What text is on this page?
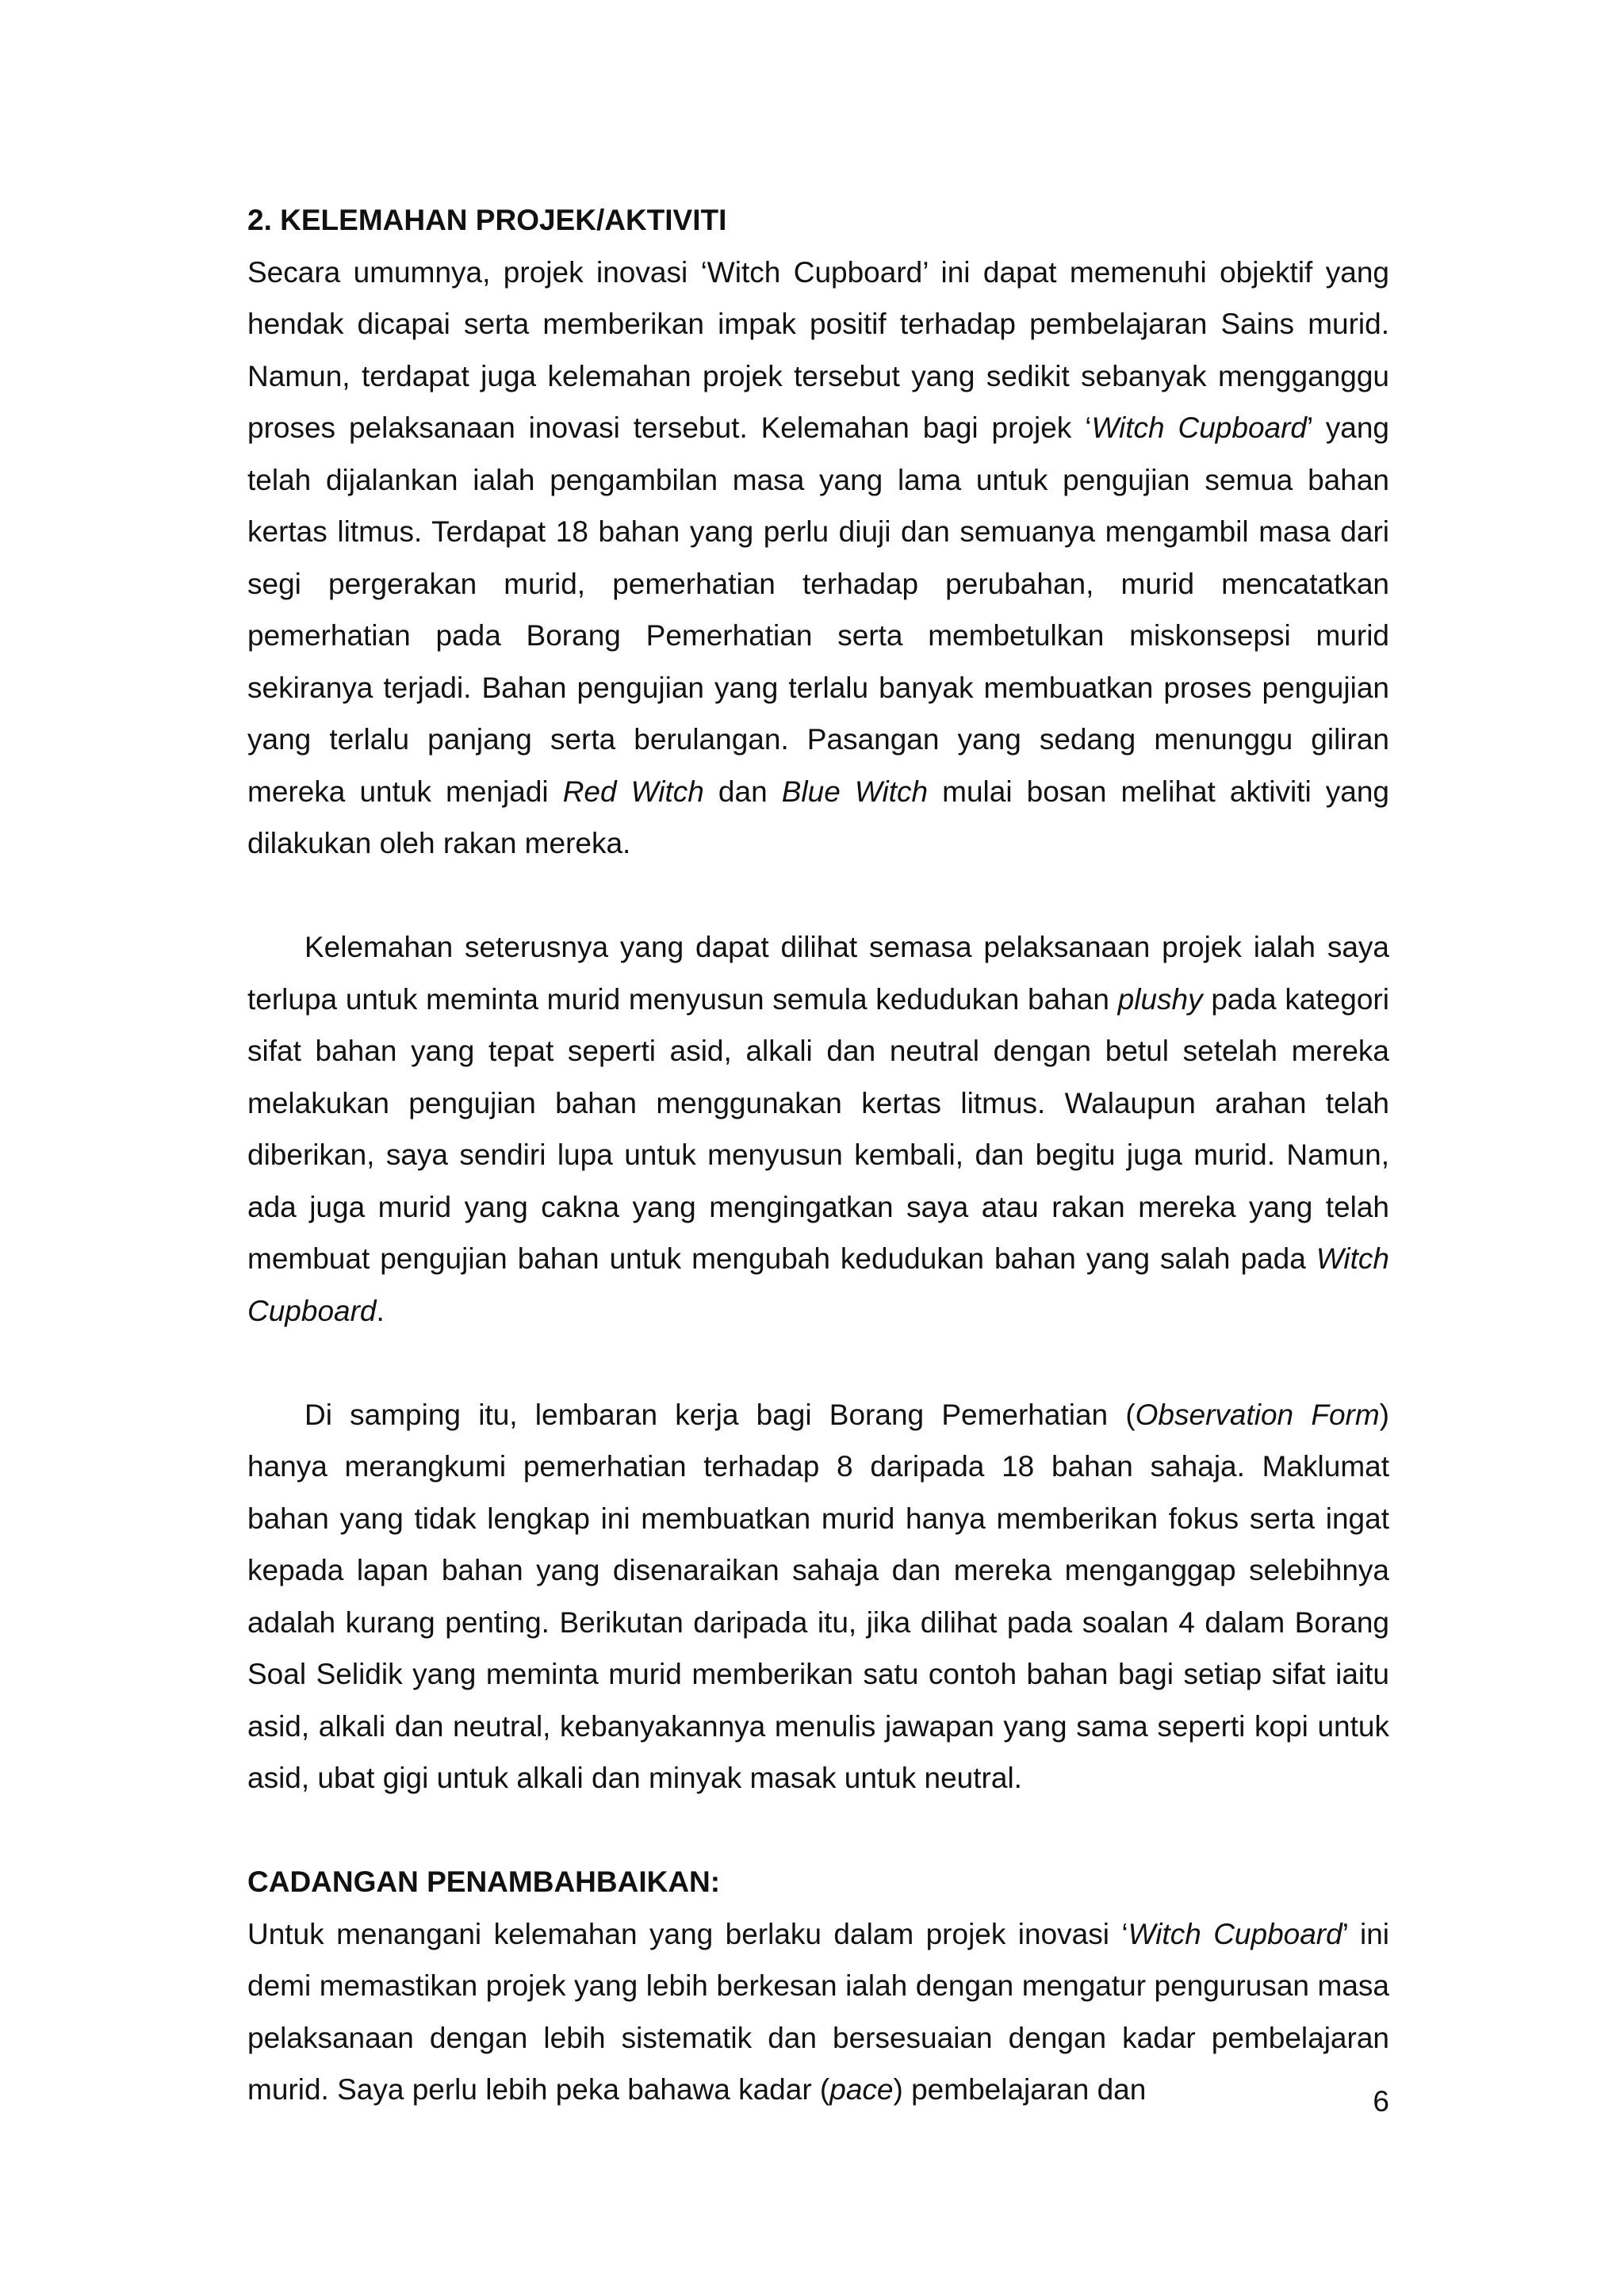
2. KELEMAHAN PROJEK/AKTIVITI

Secara umumnya, projek inovasi ‘Witch Cupboard’ ini dapat memenuhi objektif yang hendak dicapai serta memberikan impak positif terhadap pembelajaran Sains murid. Namun, terdapat juga kelemahan projek tersebut yang sedikit sebanyak mengganggu proses pelaksanaan inovasi tersebut. Kelemahan bagi projek ‘Witch Cupboard’ yang telah dijalankan ialah pengambilan masa yang lama untuk pengujian semua bahan kertas litmus. Terdapat 18 bahan yang perlu diuji dan semuanya mengambil masa dari segi pergerakan murid, pemerhatian terhadap perubahan, murid mencatatkan pemerhatian pada Borang Pemerhatian serta membetulkan miskonsepsi murid sekiranya terjadi. Bahan pengujian yang terlalu banyak membuatkan proses pengujian yang terlalu panjang serta berulangan. Pasangan yang sedang menunggu giliran mereka untuk menjadi Red Witch dan Blue Witch mulai bosan melihat aktiviti yang dilakukan oleh rakan mereka.

Kelemahan seterusnya yang dapat dilihat semasa pelaksanaan projek ialah saya terlupa untuk meminta murid menyusun semula kedudukan bahan plushy pada kategori sifat bahan yang tepat seperti asid, alkali dan neutral dengan betul setelah mereka melakukan pengujian bahan menggunakan kertas litmus. Walaupun arahan telah diberikan, saya sendiri lupa untuk menyusun kembali, dan begitu juga murid. Namun, ada juga murid yang cakna yang mengingatkan saya atau rakan mereka yang telah membuat pengujian bahan untuk mengubah kedudukan bahan yang salah pada Witch Cupboard.

Di samping itu, lembaran kerja bagi Borang Pemerhatian (Observation Form) hanya merangkumi pemerhatian terhadap 8 daripada 18 bahan sahaja. Maklumat bahan yang tidak lengkap ini membuatkan murid hanya memberikan fokus serta ingat kepada lapan bahan yang disenaraikan sahaja dan mereka menganggap selebihnya adalah kurang penting. Berikutan daripada itu, jika dilihat pada soalan 4 dalam Borang Soal Selidik yang meminta murid memberikan satu contoh bahan bagi setiap sifat iaitu asid, alkali dan neutral, kebanyakannya menulis jawapan yang sama seperti kopi untuk asid, ubat gigi untuk alkali dan minyak masak untuk neutral.

CADANGAN PENAMBAHBAIKAN:

Untuk menangani kelemahan yang berlaku dalam projek inovasi ‘Witch Cupboard’ ini demi memastikan projek yang lebih berkesan ialah dengan mengatur pengurusan masa pelaksanaan dengan lebih sistematik dan bersesuaian dengan kadar pembelajaran murid. Saya perlu lebih peka bahawa kadar (pace) pembelajaran dan	6
